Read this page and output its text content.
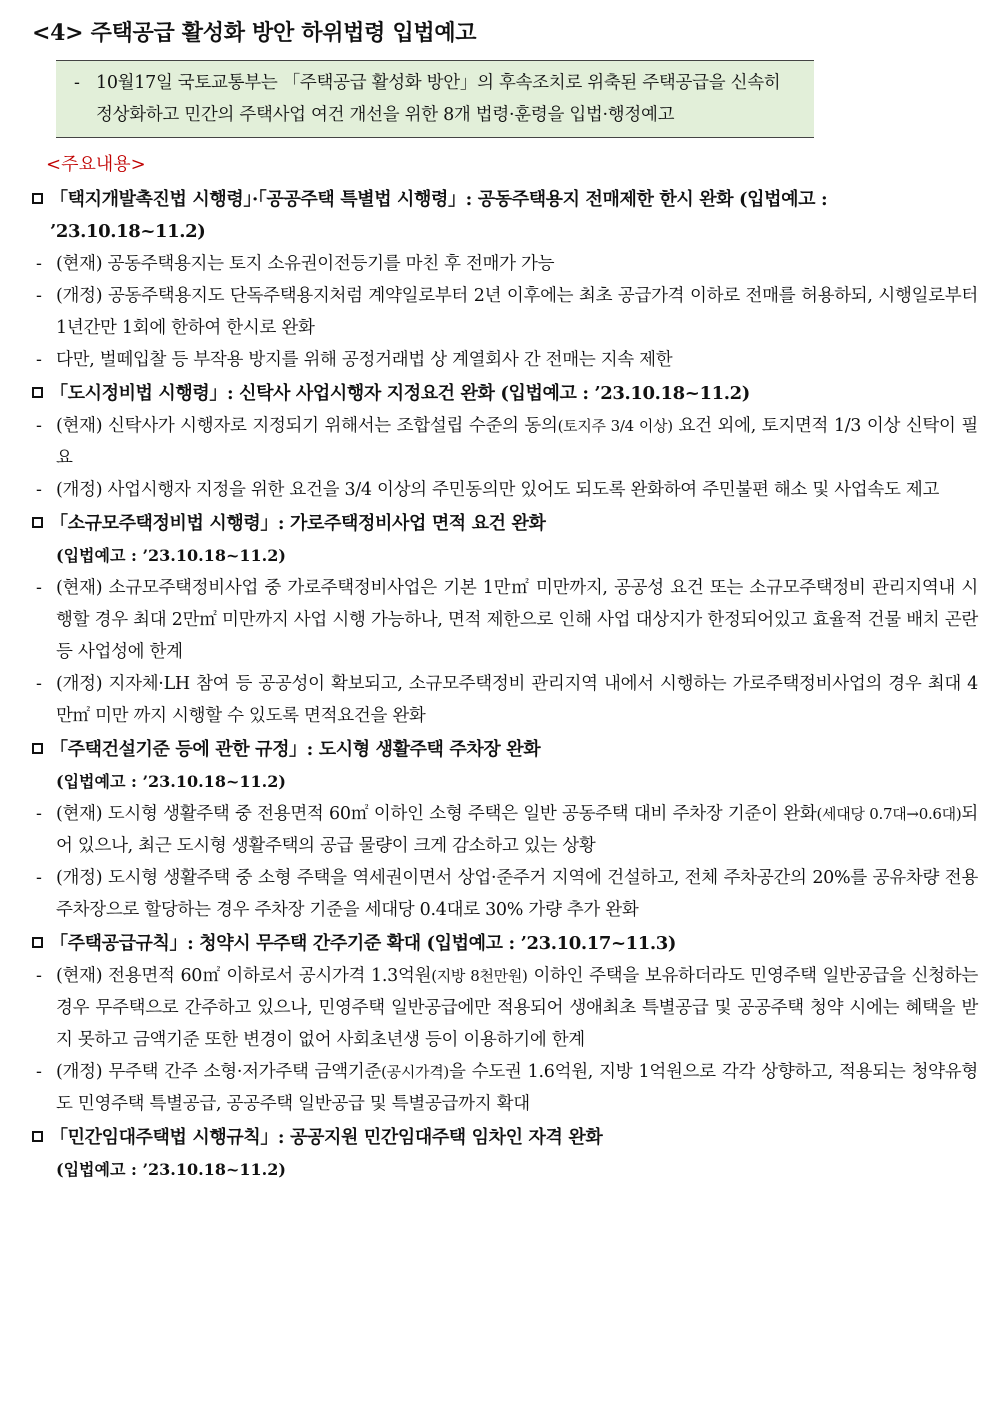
<4> 주택공급 활성화 방안 하위법령 입법예고
- 10월17일 국토교통부는 「주택공급 활성화 방안」의 후속조치로 위축된 주택공급을 신속히 정상화하고 민간의 주택사업 여건 개선을 위한 8개 법령·훈령을 입법·행정예고
<주요내용>
「택지개발촉진법 시행령」·「공공주택 특별법 시행령」: 공동주택용지 전매제한 한시 완화 (입법예고 : ’23.10.18~11.2)
- (현재) 공동주택용지는 토지 소유권이전등기를 마친 후 전매가 가능
- (개정) 공동주택용지도 단독주택용지처럼 계약일로부터 2년 이후에는 최초 공급가격 이하로 전매를 허용하되, 시행일로부터 1년간만 1회에 한하여 한시로 완화
- 다만, 벌떼입찰 등 부작용 방지를 위해 공정거래법 상 계열회사 간 전매는 지속 제한
「도시정비법 시행령」: 신탁사 사업시행자 지정요건 완화 (입법예고 : ’23.10.18~11.2)
- (현재) 신탁사가 시행자로 지정되기 위해서는 조합설립 수준의 동의(토지주 3/4 이상) 요건 외에, 토지면적 1/3 이상 신탁이 필요
- (개정) 사업시행자 지정을 위한 요건을 3/4 이상의 주민동의만 있어도 되도록 완화하여 주민불편 해소 및 사업속도 제고
「소규모주택정비법 시행령」: 가로주택정비사업 면적 요건 완화
(입법예고 : ’23.10.18~11.2)
- (현재) 소규모주택정비사업 중 가로주택정비사업은 기본 1만㎡ 미만까지, 공공성 요건 또는 소규모주택정비 관리지역내 시행할 경우 최대 2만㎡ 미만까지 사업 시행 가능하나, 면적 제한으로 인해 사업 대상지가 한정되어있고 효율적 건물 배치 곤란 등 사업성에 한계
- (개정) 지자체·LH 참여 등 공공성이 확보되고, 소규모주택정비 관리지역 내에서 시행하는 가로주택정비사업의 경우 최대 4만㎡ 미만 까지 시행할 수 있도록 면적요건을 완화
「주택건설기준 등에 관한 규정」: 도시형 생활주택 주차장 완화
(입법예고 : ’23.10.18~11.2)
- (현재) 도시형 생활주택 중 전용면적 60㎡ 이하인 소형 주택은 일반 공동주택 대비 주차장 기준이 완화(세대당 0.7대→0.6대)되어 있으나, 최근 도시형 생활주택의 공급 물량이 크게 감소하고 있는 상황
- (개정) 도시형 생활주택 중 소형 주택을 역세권이면서 상업·준주거 지역에 건설하고, 전체 주차공간의 20%를 공유차량 전용 주차장으로 할당하는 경우 주차장 기준을 세대당 0.4대로 30% 가량 추가 완화
「주택공급규칙」: 청약시 무주택 간주기준 확대 (입법예고 : ’23.10.17~11.3)
- (현재) 전용면적 60㎡ 이하로서 공시가격 1.3억원(지방 8천만원) 이하인 주택을 보유하더라도 민영주택 일반공급을 신청하는 경우 무주택으로 간주하고 있으나, 민영주택 일반공급에만 적용되어 생애최초 특별공급 및 공공주택 청약 시에는 혜택을 받지 못하고 금액기준 또한 변경이 없어 사회초년생 등이 이용하기에 한계
- (개정) 무주택 간주 소형·저가주택 금액기준(공시가격)을 수도권 1.6억원, 지방 1억원으로 각각 상향하고, 적용되는 청약유형도 민영주택 특별공급, 공공주택 일반공급 및 특별공급까지 확대
「민간임대주택법 시행규칙」: 공공지원 민간임대주택 임차인 자격 완화
(입법예고 : ’23.10.18~11.2)
